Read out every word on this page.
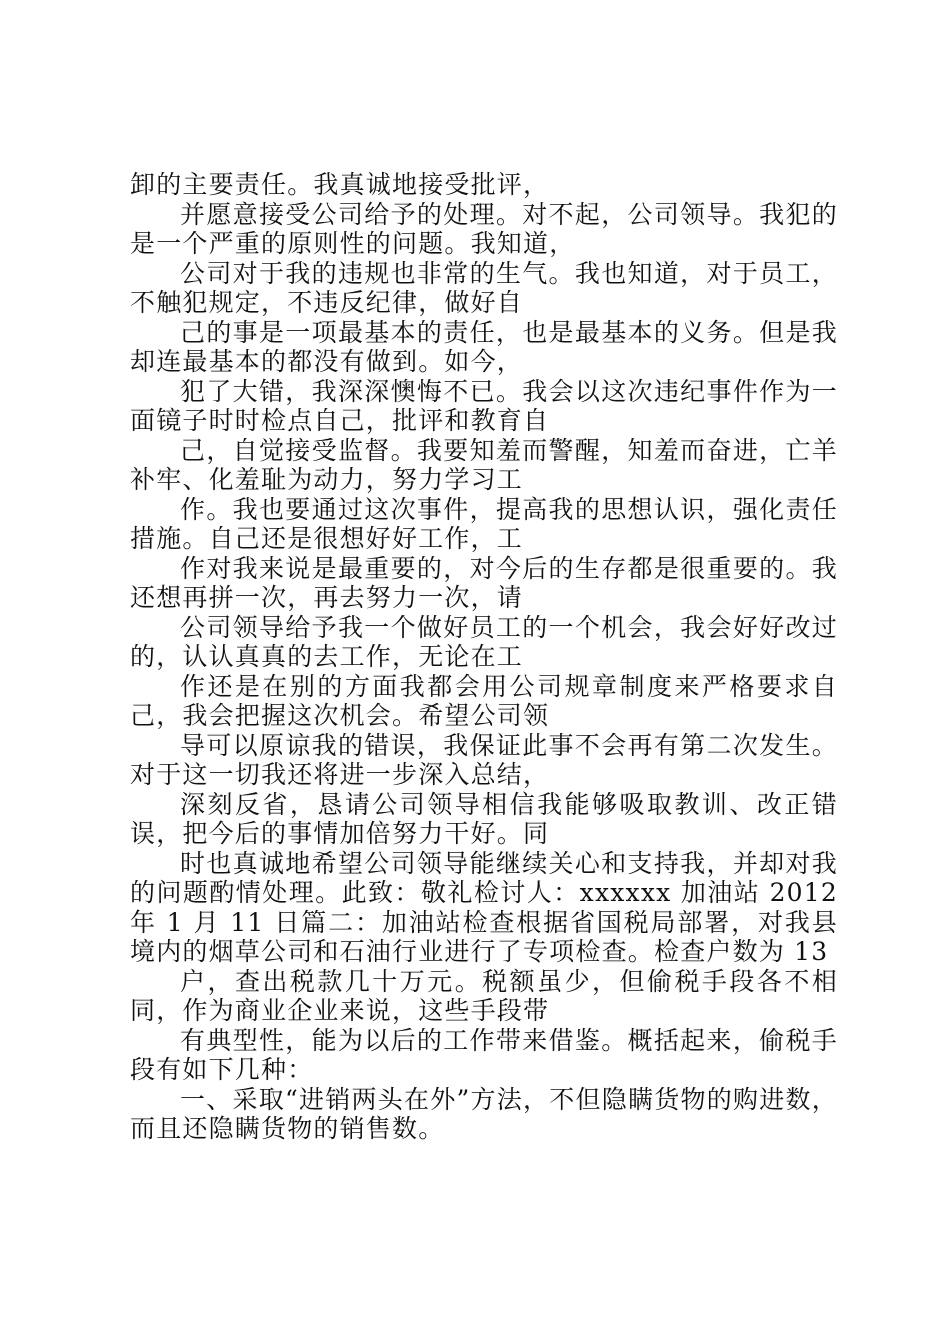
卸的主要责任。我真诚地接受批评，

并愿意接受公司给予的处理。对不起，公司领导。我犯的是一个严重的原则性的问题。我知道，

公司对于我的违规也非常的生气。我也知道，对于员工，不触犯规定，不违反纪律，做好自

己的事是一项最基本的责任，也是最基本的义务。但是我却连最基本的都没有做到。如今，

犯了大错，我深深懊悔不已。我会以这次违纪事件作为一面镜子时时检点自己，批评和教育自

己，自觉接受监督。我要知羞而警醒，知羞而奋进，亡羊补牢、化羞耻为动力，努力学习工

作。我也要通过这次事件，提高我的思想认识，强化责任措施。自己还是很想好好工作，工

作对我来说是最重要的，对今后的生存都是很重要的。我还想再拼一次，再去努力一次，请

公司领导给予我一个做好员工的一个机会，我会好好改过的，认认真真的去工作，无论在工

作还是在别的方面我都会用公司规章制度来严格要求自己，我会把握这次机会。希望公司领

导可以原谅我的错误，我保证此事不会再有第二次发生。对于这一切我还将进一步深入总结，

深刻反省，恳请公司领导相信我能够吸取教训、改正错误，把今后的事情加倍努力干好。同

时也真诚地希望公司领导能继续关心和支持我，并却对我的问题酌情处理。此致：敬礼检讨人：xxxxxx 加油站 2012 年 1 月 11 日篇二：加油站检查根据省国税局部署，对我县境内的烟草公司和石油行业进行了专项检查。检查户数为 13

户，查出税款几十万元。税额虽少，但偷税手段各不相同，作为商业企业来说，这些手段带

有典型性，能为以后的工作带来借鉴。概括起来，偷税手段有如下几种：

一、采取“进销两头在外”方法，不但隐瞒货物的购进数，而且还隐瞒货物的销售数。
